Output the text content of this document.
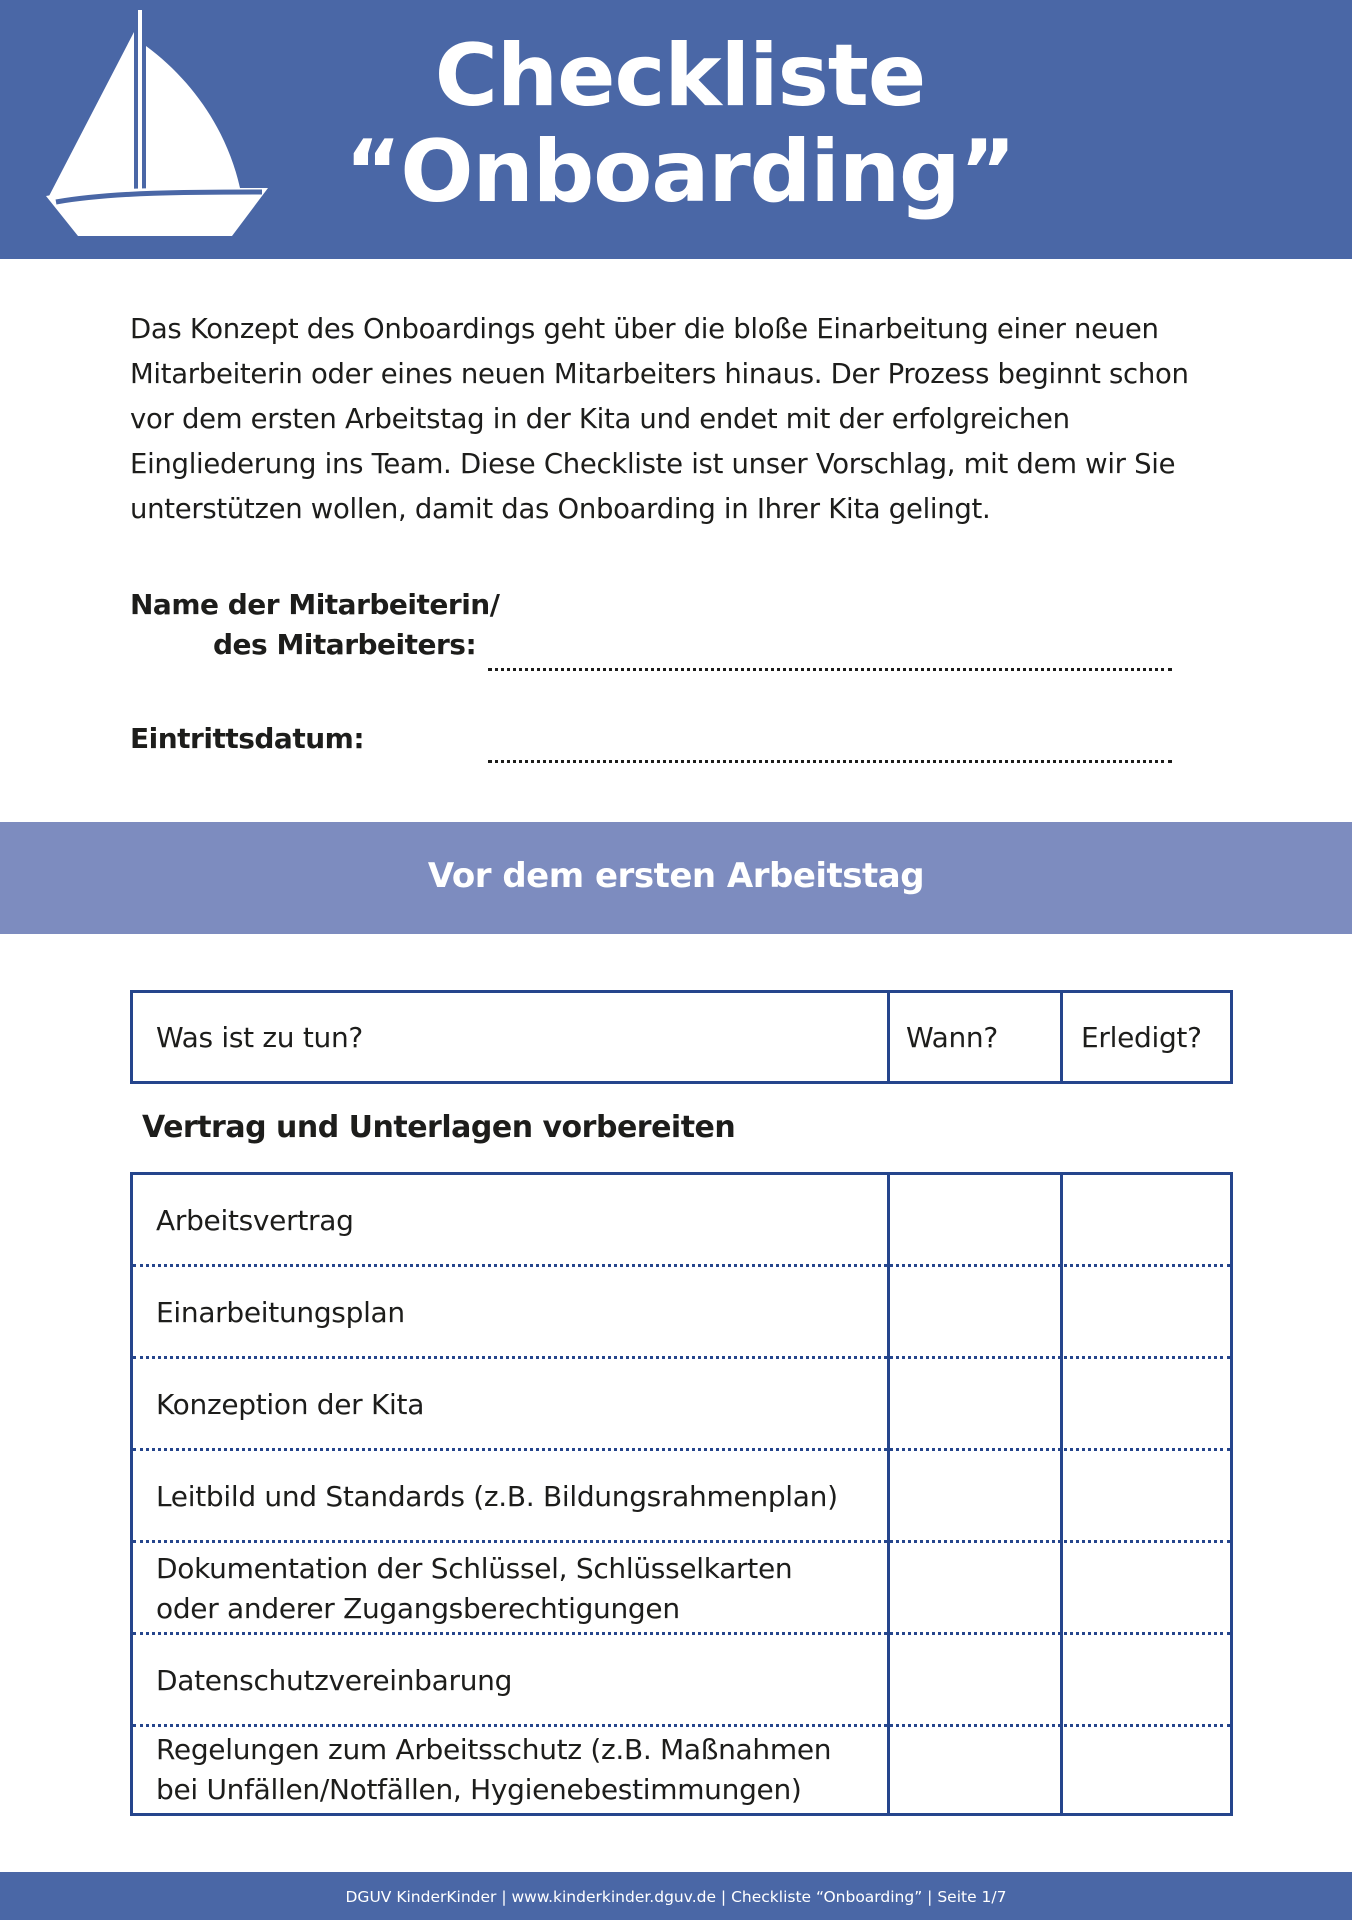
Checkliste
“Onboarding”

Das Konzept des Onboardings geht über die bloße Einarbeitung einer neuen

Mitarbeiterin oder eines neuen Mitarbeiters hinaus. Der Prozess beginnt schon

vor dem ersten Arbeitstag in der Kita und endet mit der erfolgreichen

Eingliederung ins Team. Diese Checkliste ist unser Vorschlag, mit dem wir Sie

unterstützen wollen, damit das Onboarding in Ihrer Kita gelingt.

Name der Mitarbeiterin/
des Mitarbeiters:
Eintrittsdatum:
Vor dem ersten Arbeitstag
Was ist zu tun?	Wann?	Erledigt?
Vertrag und Unterlagen vorbereiten
Arbeitsvertrag
Einarbeitungsplan
Konzeption der Kita
Leitbild und Standards (z.B. Bildungsrahmenplan)
Dokumentation der Schlüssel, Schlüsselkarten
oder anderer Zugangsberechtigungen
Datenschutzvereinbarung
Regelungen zum Arbeitsschutz (z.B. Maßnahmen
bei Unfällen/Notfällen, Hygienebestimmungen)
DGUV KinderKinder | www.kinderkinder.dguv.de | Checkliste “Onboarding” | Seite 1/7
